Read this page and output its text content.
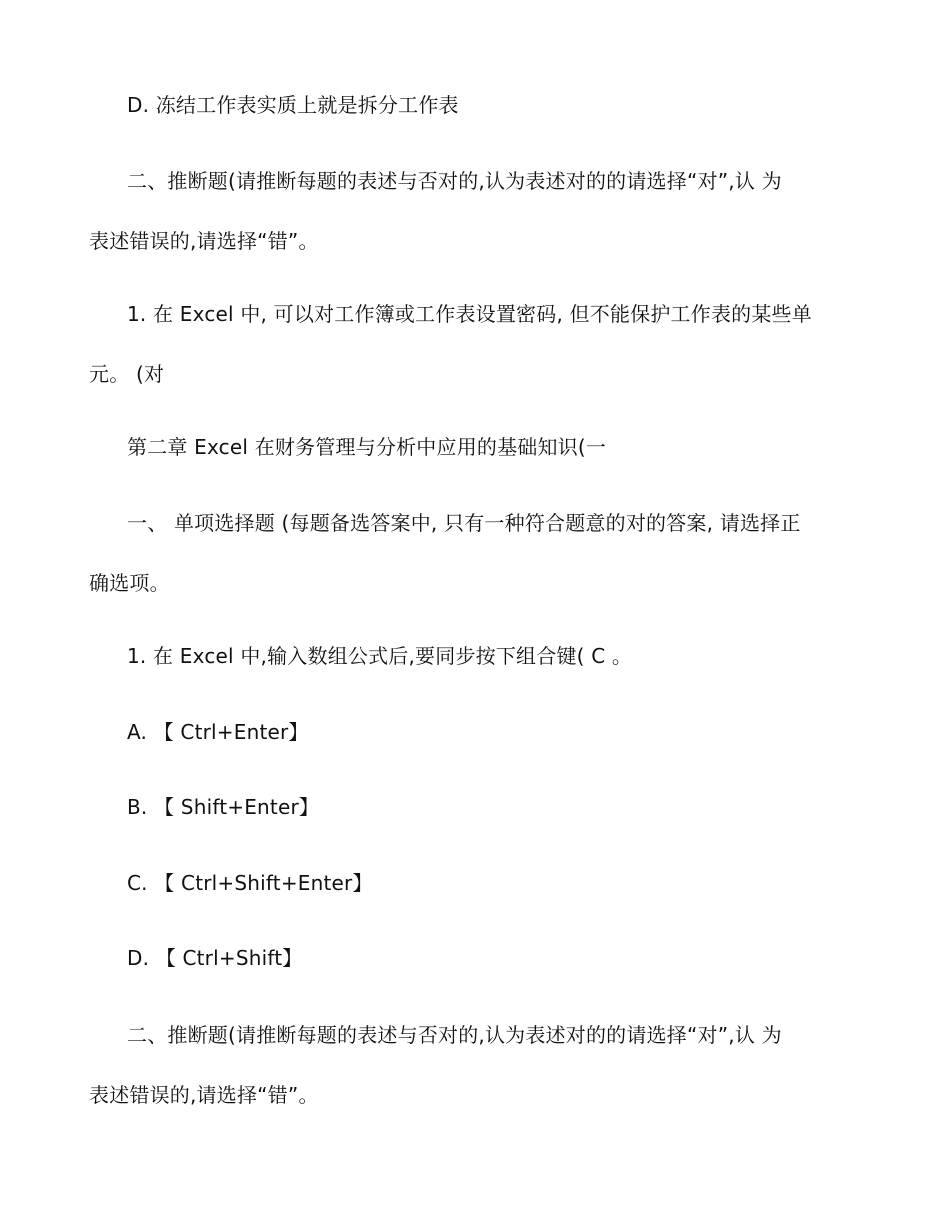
D. 冻结工作表实质上就是拆分工作表
二、推断题(请推断每题的表述与否对的,认为表述对的的请选择“对”,认 为
表述错误的,请选择“错”。
1. 在 Excel 中, 可以对工作簿或工作表设置密码, 但不能保护工作表的某些单
元。 (对
第二章 Excel 在财务管理与分析中应用的基础知识(一
一、 单项选择题 (每题备选答案中, 只有一种符合题意的对的答案, 请选择正
确选项。
1. 在 Excel 中,输入数组公式后,要同步按下组合键( C 。
A. 【 Ctrl+Enter】
B. 【 Shift+Enter】
C. 【 Ctrl+Shift+Enter】
D. 【 Ctrl+Shift】
二、推断题(请推断每题的表述与否对的,认为表述对的的请选择“对”,认 为
表述错误的,请选择“错”。
